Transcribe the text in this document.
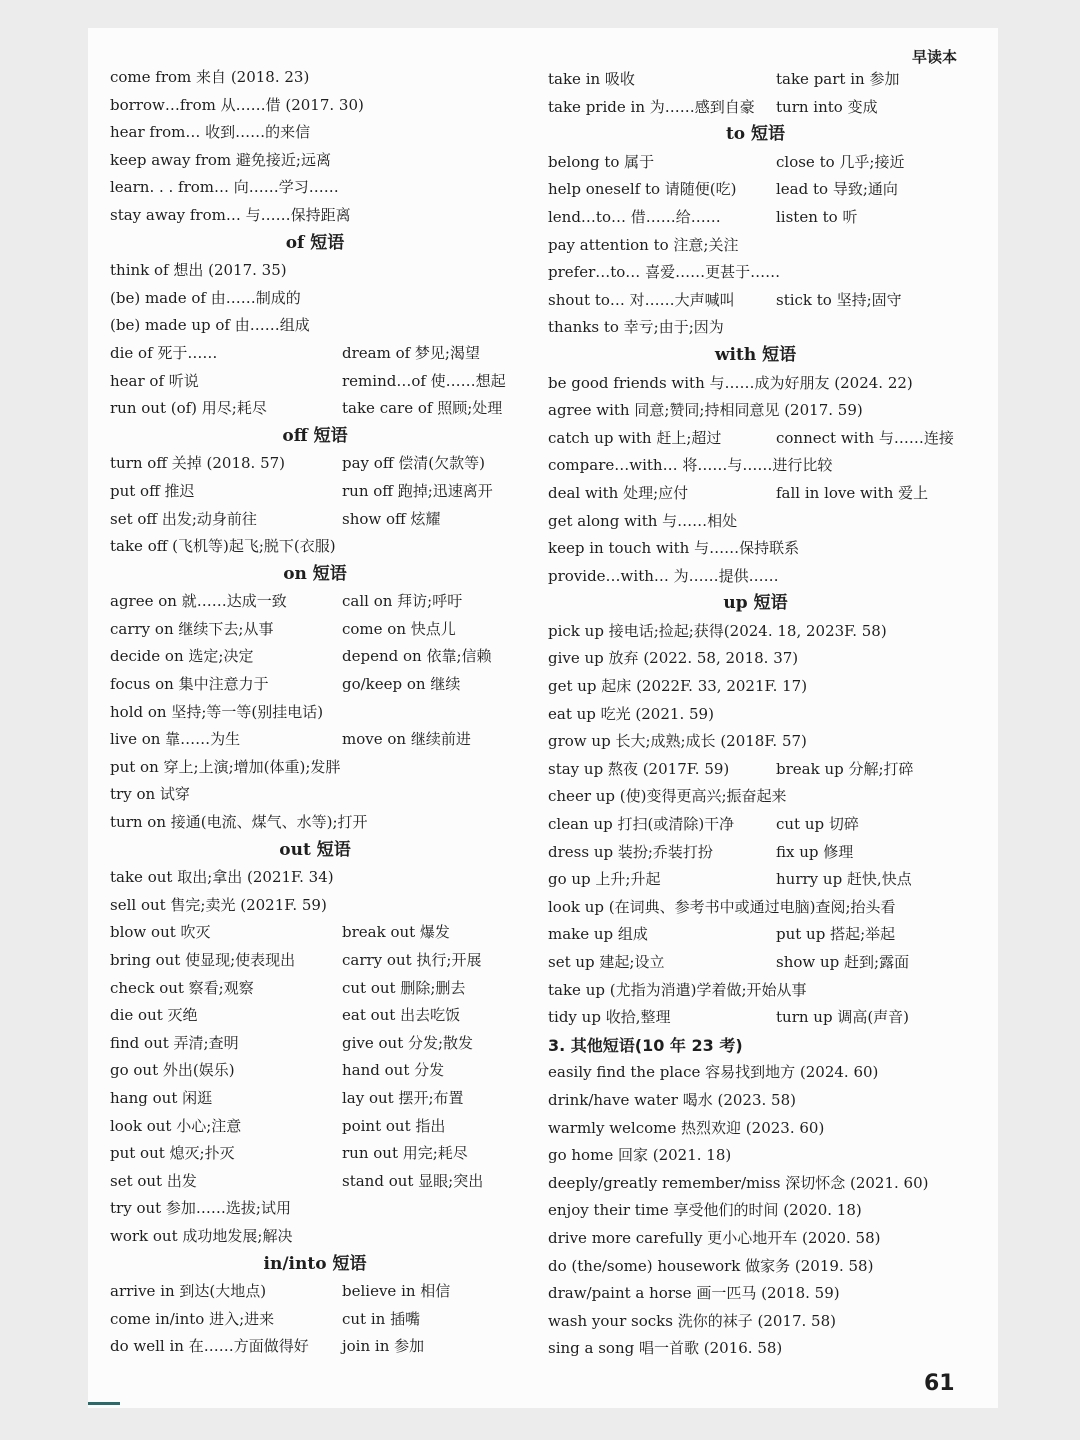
早读本
come from 来自 (2018. 23)
borrow…from 从……借 (2017. 30)
hear from… 收到……的来信
keep away from 避免接近;远离
learn. . . from… 向……学习……
stay away from… 与……保持距离
of 短语
think of 想出 (2017. 35)
(be) made of 由……制成的
(be) made up of 由……组成
die of 死于……	dream of 梦见;渴望
hear of 听说	remind…of 使……想起
run out (of) 用尽;耗尽	take care of 照顾;处理
off 短语
turn off 关掉 (2018. 57)	pay off 偿清(欠款等)
put off 推迟	run off 跑掉;迅速离开
set off 出发;动身前往	show off 炫耀
take off (飞机等)起飞;脱下(衣服)
on 短语
agree on 就……达成一致	call on 拜访;呼吁
carry on 继续下去;从事	come on 快点儿
decide on 选定;决定	depend on 依靠;信赖
focus on 集中注意力于	go/keep on 继续
hold on 坚持;等一等(别挂电话)
live on 靠……为生	move on 继续前进
put on 穿上;上演;增加(体重);发胖
try on 试穿
turn on 接通(电流、煤气、水等);打开
out 短语
take out 取出;拿出 (2021F. 34)
sell out 售完;卖光 (2021F. 59)
blow out 吹灭	break out 爆发
bring out 使显现;使表现出	carry out 执行;开展
check out 察看;观察	cut out 删除;删去
die out 灭绝	eat out 出去吃饭
find out 弄清;查明	give out 分发;散发
go out 外出(娱乐)	hand out 分发
hang out 闲逛	lay out 摆开;布置
look out 小心;注意	point out 指出
put out 熄灭;扑灭	run out 用完;耗尽
set out 出发	stand out 显眼;突出
try out 参加……选拔;试用
work out 成功地发展;解决
in/into 短语
arrive in 到达(大地点)	believe in 相信
come in/into 进入;进来	cut in 插嘴
do well in 在……方面做得好 join in 参加
take in 吸收	take part in 参加
take pride in 为……感到自豪 turn into 变成
to 短语
belong to 属于	close to 几乎;接近
help oneself to 请随便(吃)	lead to 导致;通向
lend…to… 借……给……	listen to 听
pay attention to 注意;关注
prefer…to… 喜爱……更甚于……
shout to… 对……大声喊叫	stick to 坚持;固守
thanks to 幸亏;由于;因为
with 短语
be good friends with 与……成为好朋友 (2024. 22)
agree with 同意;赞同;持相同意见 (2017. 59)
catch up with 赶上;超过	connect with 与……连接
compare…with… 将……与……进行比较
deal with 处理;应付	fall in love with 爱上
get along with 与……相处
keep in touch with 与……保持联系
provide…with… 为……提供……
up 短语
pick up 接电话;捡起;获得(2024. 18, 2023F. 58)
give up 放弃 (2022. 58, 2018. 37)
get up 起床 (2022F. 33, 2021F. 17)
eat up 吃光 (2021. 59)
grow up 长大;成熟;成长 (2018F. 57)
stay up 熬夜 (2017F. 59)	break up 分解;打碎
cheer up (使)变得更高兴;振奋起来
clean up 打扫(或清除)干净	cut up 切碎
dress up 装扮;乔装打扮	fix up 修理
go up 上升;升起	hurry up 赶快,快点
look up (在词典、参考书中或通过电脑)查阅;抬头看
make up 组成	put up 搭起;举起
set up 建起;设立	show up 赶到;露面
take up (尤指为消遣)学着做;开始从事
tidy up 收拾,整理	turn up 调高(声音)
3. 其他短语(10 年 23 考)
easily find the place 容易找到地方 (2024. 60)
drink/have water 喝水 (2023. 58)
warmly welcome 热烈欢迎 (2023. 60)
go home 回家 (2021. 18)
deeply/greatly remember/miss 深切怀念 (2021. 60)
enjoy their time 享受他们的时间 (2020. 18)
drive more carefully 更小心地开车 (2020. 58)
do (the/some) housework 做家务 (2019. 58)
draw/paint a horse 画一匹马 (2018. 59)
wash your socks 洗你的袜子 (2017. 58)
sing a song 唱一首歌 (2016. 58)
61
